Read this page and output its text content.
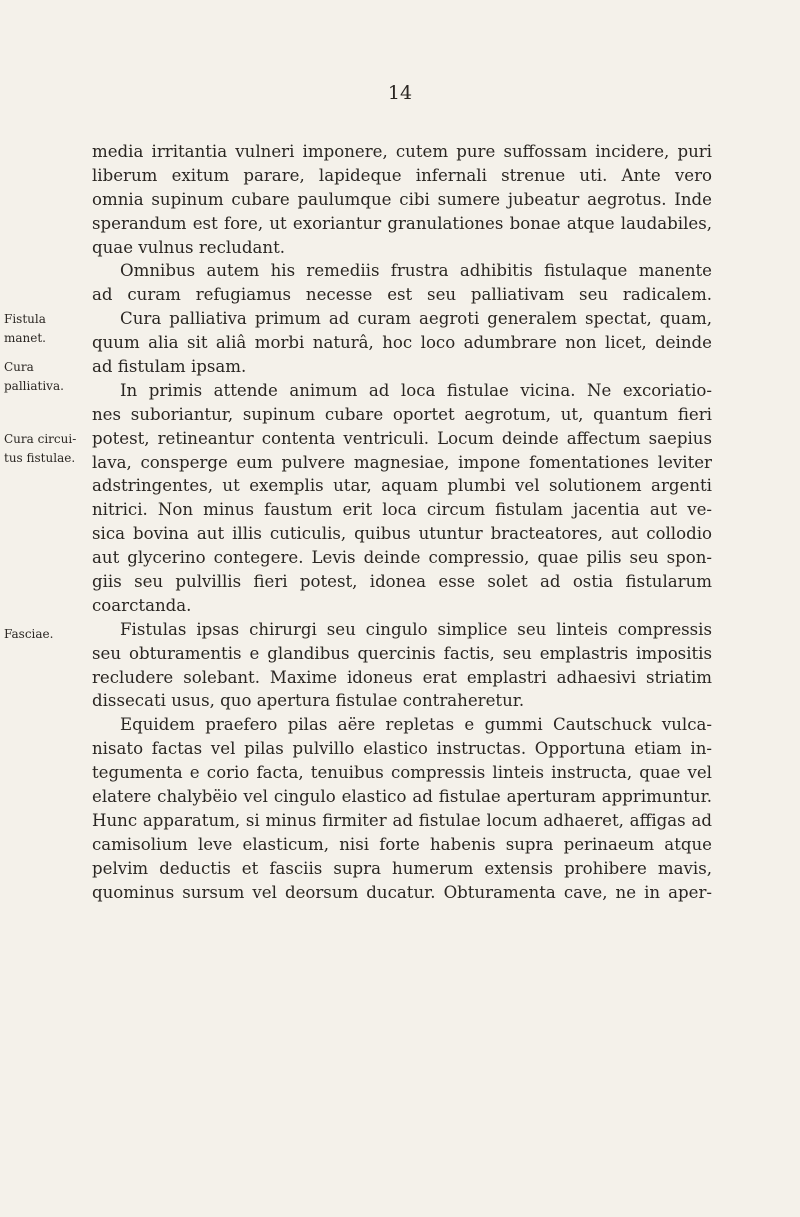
14
Fistula
manet.
Cura
palliativa.
Cura circui-
tus fistulae.
Fasciae.
media irritantia vulneri imponere, cutem pure suffossam incidere, puri
liberum exitum parare, lapideque infernali strenue uti. Ante vero
omnia supinum cubare paulumque cibi sumere jubeatur aegrotus. Inde
sperandum est fore, ut exoriantur granulationes bonae atque laudabiles,
quae vulnus recludant.
Omnibus autem his remediis frustra adhibitis fistulaque manente
ad curam refugiamus necesse est seu palliativam seu radicalem.
Cura palliativa primum ad curam aegroti generalem spectat, quam,
quum alia sit aliâ morbi naturâ, hoc loco adumbrare non licet, deinde
ad fistulam ipsam.
In primis attende animum ad loca fistulae vicina. Ne excoriatio-
nes suboriantur, supinum cubare oportet aegrotum, ut, quantum fieri
potest, retineantur contenta ventriculi. Locum deinde affectum saepius
lava, consperge eum pulvere magnesiae, impone fomentationes leviter
adstringentes, ut exemplis utar, aquam plumbi vel solutionem argenti
nitrici. Non minus faustum erit loca circum fistulam jacentia aut ve-
sica bovina aut illis cuticulis, quibus utuntur bracteatores, aut collodio
aut glycerino contegere. Levis deinde compressio, quae pilis seu spon-
giis seu pulvillis fieri potest, idonea esse solet ad ostia fistularum
coarctanda.
Fistulas ipsas chirurgi seu cingulo simplice seu linteis compressis
seu obturamentis e glandibus quercinis factis, seu emplastris impositis
recludere solebant. Maxime idoneus erat emplastri adhaesivi striatim
dissecati usus, quo apertura fistulae contraheretur.
Equidem praefero pilas aëre repletas e gummi Cautschuck vulca-
nisato factas vel pilas pulvillo elastico instructas. Opportuna etiam in-
tegumenta e corio facta, tenuibus compressis linteis instructa, quae vel
elatere chalybëio vel cingulo elastico ad fistulae aperturam apprimuntur.
Hunc apparatum, si minus firmiter ad fistulae locum adhaeret, affigas ad
camisolium leve elasticum, nisi forte habenis supra perinaeum atque
pelvim deductis et fasciis supra humerum extensis prohibere mavis,
quominus sursum vel deorsum ducatur. Obturamenta cave, ne in aper-
